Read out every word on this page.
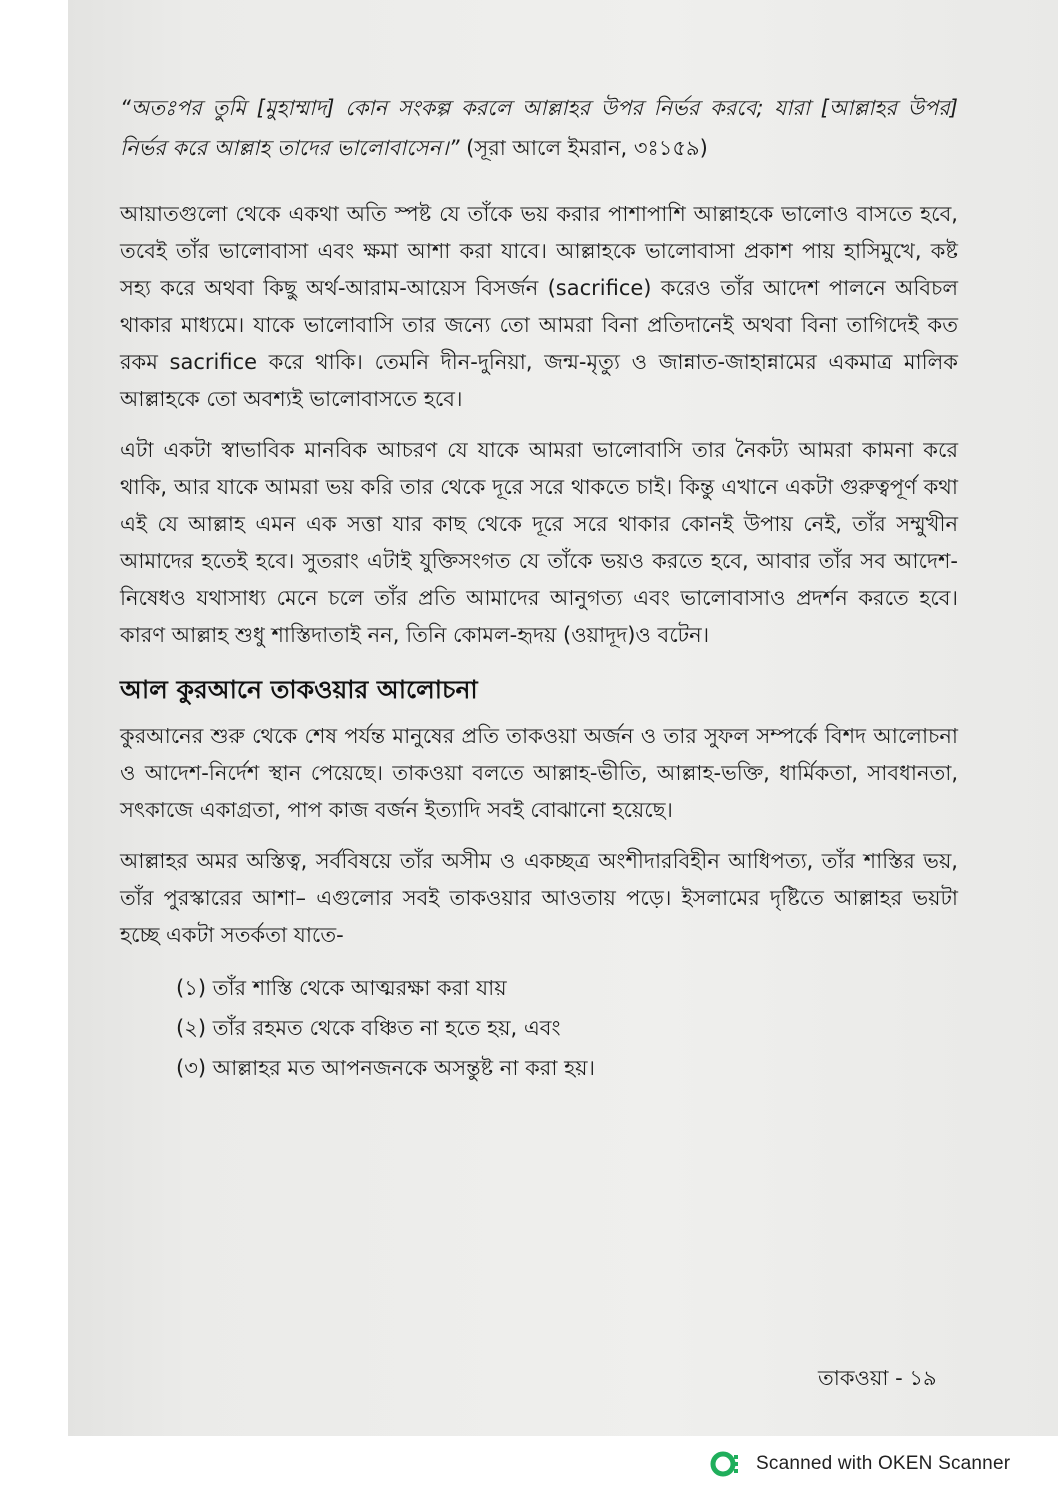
“অতঃপর তুমি [মুহাম্মাদ] কোন সংকল্প করলে আল্লাহর উপর নির্ভর করবে; যারা [আল্লাহর উপর] নির্ভর করে আল্লাহ তাদের ভালোবাসেন।” (সূরা আলে ইমরান, ৩ঃ১৫৯)

আয়াতগুলো থেকে একথা অতি স্পষ্ট যে তাঁকে ভয় করার পাশাপাশি আল্লাহকে ভালোও বাসতে হবে, তবেই তাঁর ভালোবাসা এবং ক্ষমা আশা করা যাবে। আল্লাহকে ভালোবাসা প্রকাশ পায় হাসিমুখে, কষ্ট সহ্য করে অথবা কিছু অর্থ-আরাম-আয়েস বিসর্জন (sacrifice) করেও তাঁর আদেশ পালনে অবিচল থাকার মাধ্যমে। যাকে ভালোবাসি তার জন্যে তো আমরা বিনা প্রতিদানেই অথবা বিনা তাগিদেই কত রকম sacrifice করে থাকি। তেমনি দীন-দুনিয়া, জন্ম-মৃত্যু ও জান্নাত-জাহান্নামের একমাত্র মালিক আল্লাহকে তো অবশ্যই ভালোবাসতে হবে।

এটা একটা স্বাভাবিক মানবিক আচরণ যে যাকে আমরা ভালোবাসি তার নৈকট্য আমরা কামনা করে থাকি, আর যাকে আমরা ভয় করি তার থেকে দূরে সরে থাকতে চাই। কিন্তু এখানে একটা গুরুত্বপূর্ণ কথা এই যে আল্লাহ এমন এক সত্তা যার কাছ থেকে দূরে সরে থাকার কোনই উপায় নেই, তাঁর সম্মুখীন আমাদের হতেই হবে। সুতরাং এটাই যুক্তিসংগত যে তাঁকে ভয়ও করতে হবে, আবার তাঁর সব আদেশ-নিষেধও যথাসাধ্য মেনে চলে তাঁর প্রতি আমাদের আনুগত্য এবং ভালোবাসাও প্রদর্শন করতে হবে। কারণ আল্লাহ শুধু শাস্তিদাতাই নন, তিনি কোমল-হৃদয় (ওয়াদূদ)ও বটেন।

আল কুরআনে তাকওয়ার আলোচনা

কুরআনের শুরু থেকে শেষ পর্যন্ত মানুষের প্রতি তাকওয়া অর্জন ও তার সুফল সম্পর্কে বিশদ আলোচনা ও আদেশ-নির্দেশ স্থান পেয়েছে। তাকওয়া বলতে আল্লাহ-ভীতি, আল্লাহ-ভক্তি, ধার্মিকতা, সাবধানতা, সৎকাজে একাগ্রতা, পাপ কাজ বর্জন ইত্যাদি সবই বোঝানো হয়েছে।

আল্লাহর অমর অস্তিত্ব, সর্ববিষয়ে তাঁর অসীম ও একচ্ছত্র অংশীদারবিহীন আধিপত্য, তাঁর শাস্তির ভয়, তাঁর পুরস্কারের আশা– এগুলোর সবই তাকওয়ার আওতায় পড়ে। ইসলামের দৃষ্টিতে আল্লাহর ভয়টা হচ্ছে একটা সতর্কতা যাতে-

(১) তাঁর শাস্তি থেকে আত্মরক্ষা করা যায়
(২) তাঁর রহমত থেকে বঞ্চিত না হতে হয়, এবং
(৩) আল্লাহর মত আপনজনকে অসন্তুষ্ট না করা হয়।
তাকওয়া - ১৯
Scanned with OKEN Scanner
